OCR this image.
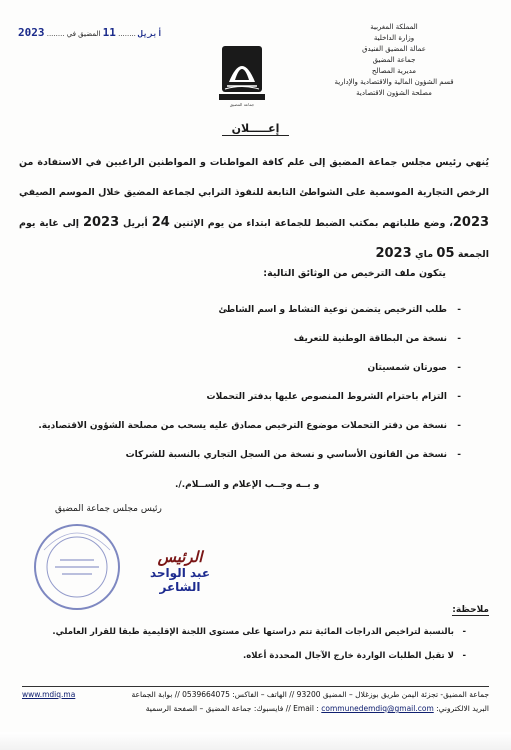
المملكة المغربية
وزارة الداخلية
عمالة المضيق الفنيدق
جماعة المضيق
مديرية المصالح
قسم الشؤون المالية والاقتصادية والإدارية
مصلحة الشؤون الاقتصادية
2023 ........	أبريل ........ 11 المضيق في
جماعة المضيق
إعـــــلان
يُنهي رئيس مجلس جماعة المضيق إلى علم كافة المواطنات و المواطنين الراغبين في الاستفادة من الرخص التجارية الموسمية على الشواطئ التابعة للنفوذ الترابي لجماعة المضيق خلال الموسم الصيفي 2023، وضع طلباتهم بمكتب الضبط للجماعة ابتداء من يوم الإثنين 24 أبريل 2023 إلى غاية يوم الجمعة 05 ماي 2023
يتكون ملف الترخيص من الوثائق التالية:
- طلب الترخيص يتضمن نوعية النشاط و اسم الشاطئ
- نسخة من البطاقة الوطنية للتعريف
- صورتان شمسيتان
- التزام باحترام الشروط المنصوص عليها بدفتر التحملات
- نسخة من دفتر التحملات موضوع الترخيص مصادق عليه يسحب من مصلحة الشؤون الاقتصادية.
- نسخة من القانون الأساسي و نسخة من السجل التجاري بالنسبة للشركات
و بــه وجــب الإعلام و الســلام./.
رئيس مجلس جماعة المضيق
الرئيس
عبد الواحد الشاعر
ملاحظة:
- بالنسبة لتراخيص الدراجات المائية تتم دراستها على مستوى اللجنة الإقليمية طبقا للقرار العاملي.
- لا تقبل الطلبات الواردة خارج الآجال المحددة أعلاه.
www.mdiq.ma	جماعة المضيق- تجزئة اليمن طريق بوزغلال – المضيق 93200 // الهاتف – الفاكس: 0539664075 // بوابة الجماعة
البريد الالكتروني: Email : communedemdiq@gmail.com // فايسبوك: جماعة المضيق – الصفحة الرسمية
